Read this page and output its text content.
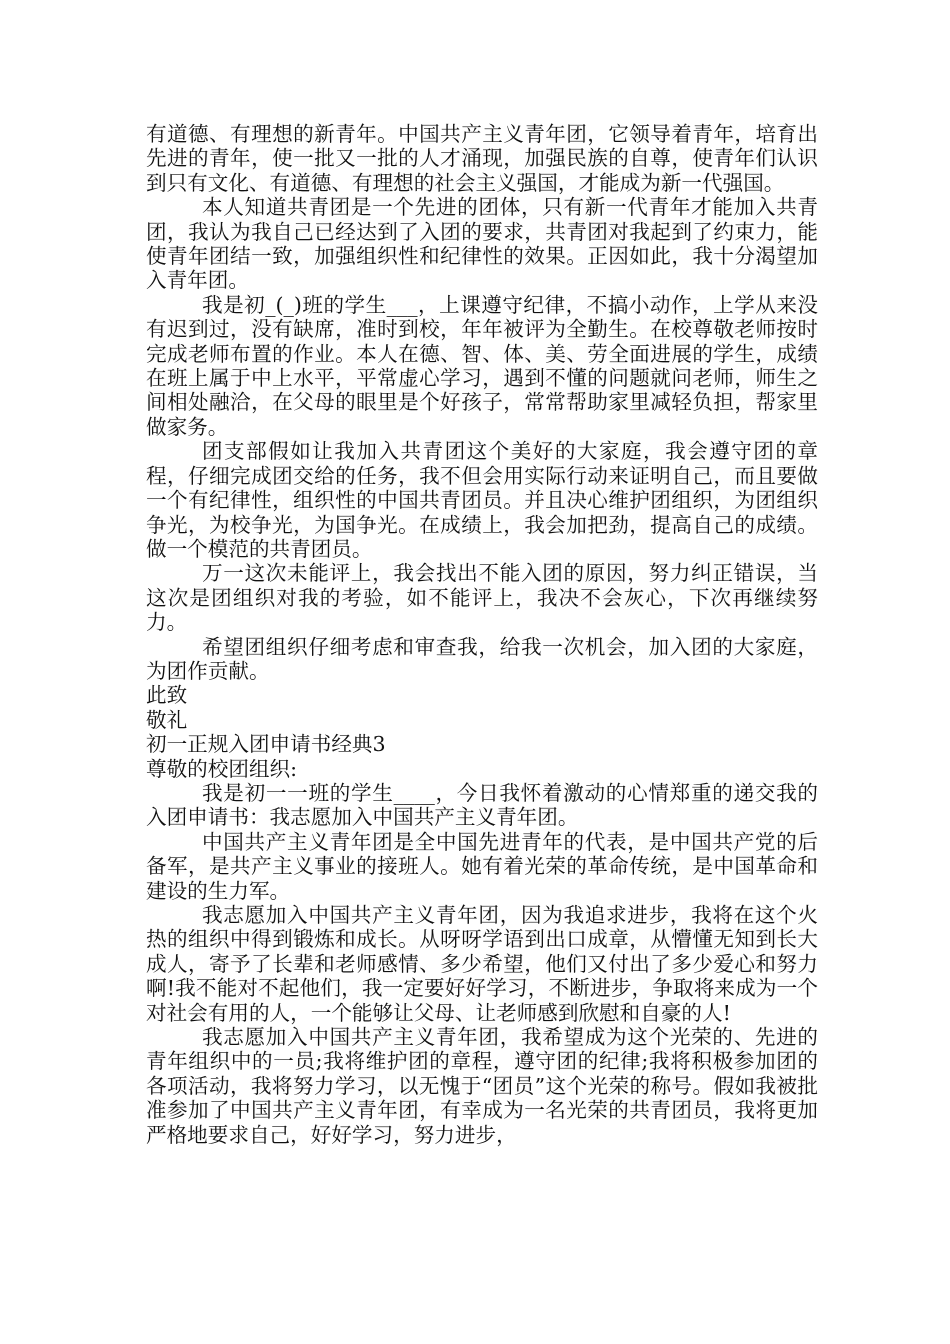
有道德、有理想的新青年。中国共产主义青年团，它领导着青年，培育出先进的青年，使一批又一批的人才涌现，加强民族的自尊，使青年们认识到只有文化、有道德、有理想的社会主义强国，才能成为新一代强国。

本人知道共青团是一个先进的团体，只有新一代青年才能加入共青团，我认为我自己已经达到了入团的要求，共青团对我起到了约束力，能使青年团结一致，加强组织性和纪律性的效果。正因如此，我十分渴望加入青年团。

我是初_(_)班的学生___，上课遵守纪律，不搞小动作，上学从来没有迟到过，没有缺席，准时到校，年年被评为全勤生。在校尊敬老师按时完成老师布置的作业。本人在德、智、体、美、劳全面进展的学生，成绩在班上属于中上水平，平常虚心学习，遇到不懂的问题就问老师，师生之间相处融洽，在父母的眼里是个好孩子，常常帮助家里减轻负担，帮家里做家务。

团支部假如让我加入共青团这个美好的大家庭，我会遵守团的章程，仔细完成团交给的任务，我不但会用实际行动来证明自己，而且要做一个有纪律性，组织性的中国共青团员。并且决心维护团组织，为团组织争光，为校争光，为国争光。在成绩上，我会加把劲，提高自己的成绩。做一个模范的共青团员。

万一这次未能评上，我会找出不能入团的原因，努力纠正错误，当这次是团组织对我的考验，如不能评上，我决不会灰心，下次再继续努力。

希望团组织仔细考虑和审查我，给我一次机会，加入团的大家庭，为团作贡献。

此致

敬礼

初一正规入团申请书经典3

尊敬的校团组织:

我是初一一班的学生____，今日我怀着激动的心情郑重的递交我的入团申请书：我志愿加入中国共产主义青年团。

中国共产主义青年团是全中国先进青年的代表，是中国共产党的后备军，是共产主义事业的接班人。她有着光荣的革命传统，是中国革命和建设的生力军。

我志愿加入中国共产主义青年团，因为我追求进步，我将在这个火热的组织中得到锻炼和成长。从呀呀学语到出口成章，从懵懂无知到长大成人，寄予了长辈和老师感情、多少希望，他们又付出了多少爱心和努力啊!我不能对不起他们，我一定要好好学习，不断进步，争取将来成为一个对社会有用的人，一个能够让父母、让老师感到欣慰和自豪的人!

我志愿加入中国共产主义青年团，我希望成为这个光荣的、先进的青年组织中的一员;我将维护团的章程，遵守团的纪律;我将积极参加团的各项活动，我将努力学习，以无愧于“团员”这个光荣的称号。假如我被批准参加了中国共产主义青年团，有幸成为一名光荣的共青团员，我将更加严格地要求自己，好好学习，努力进步，
